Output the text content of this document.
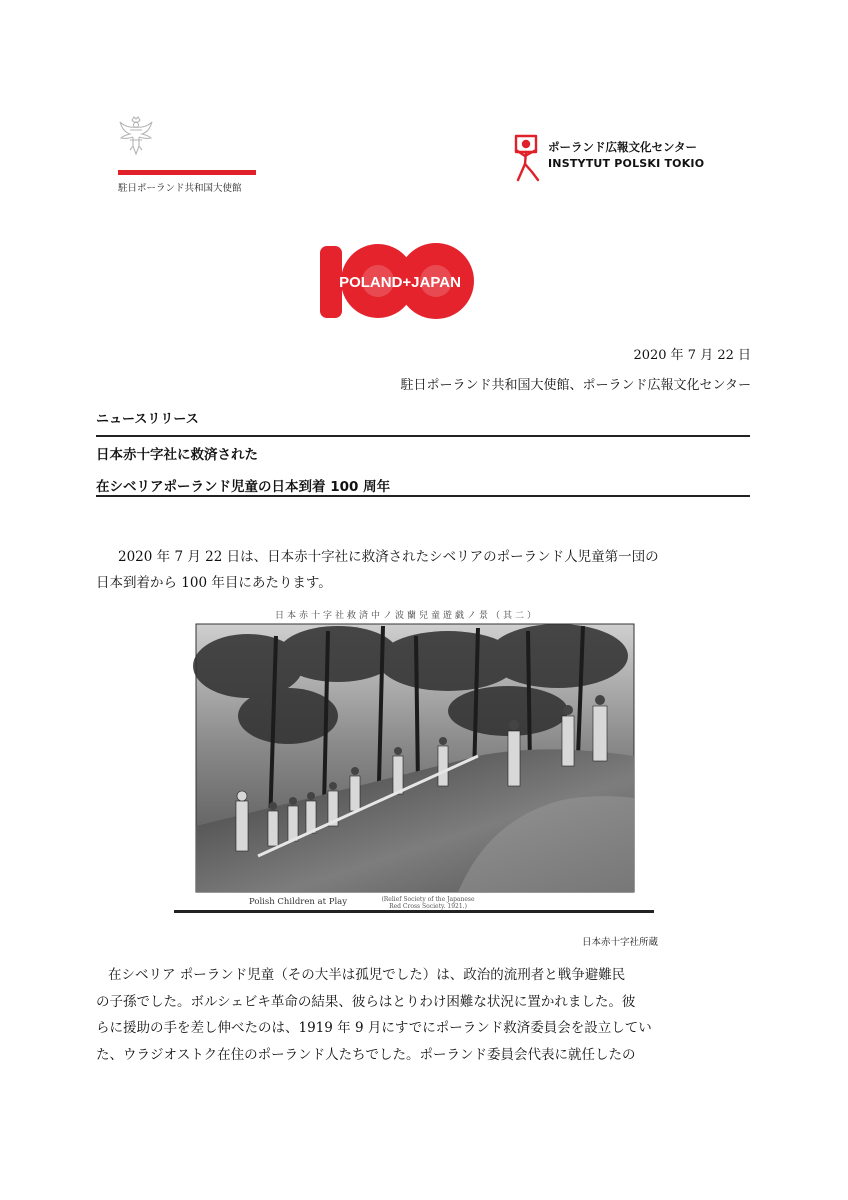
駐日ポーランド共和国大使館
ポーランド広報文化センター
INSTYTUT POLSKI TOKIO
POLAND+JAPAN
2020 年 7 月 22 日
駐日ポーランド共和国大使館、ポーランド広報文化センター
ニュースリリース
日本赤十字社に救済された
在シベリアポーランド児童の日本到着 100 周年
2020 年 7 月 22 日は、日本赤十字社に救済されたシベリアのポーランド人児童第一団の
日本到着から 100 年目にあたります。
日本赤十字社救済中ノ波蘭兒童遊戯ノ景（其二）
Polish Children at Play	(Relief Society of the Japanese
Red Cross Society. 1921.)
日本赤十字社所蔵
在シベリア ポーランド児童（その大半は孤児でした）は、政治的流刑者と戦争避難民
の子孫でした。ボルシェビキ革命の結果、彼らはとりわけ困難な状況に置かれました。彼
らに援助の手を差し伸べたのは、1919 年 9 月にすでにポーランド救済委員会を設立してい
た、ウラジオストク在住のポーランド人たちでした。ポーランド委員会代表に就任したの
